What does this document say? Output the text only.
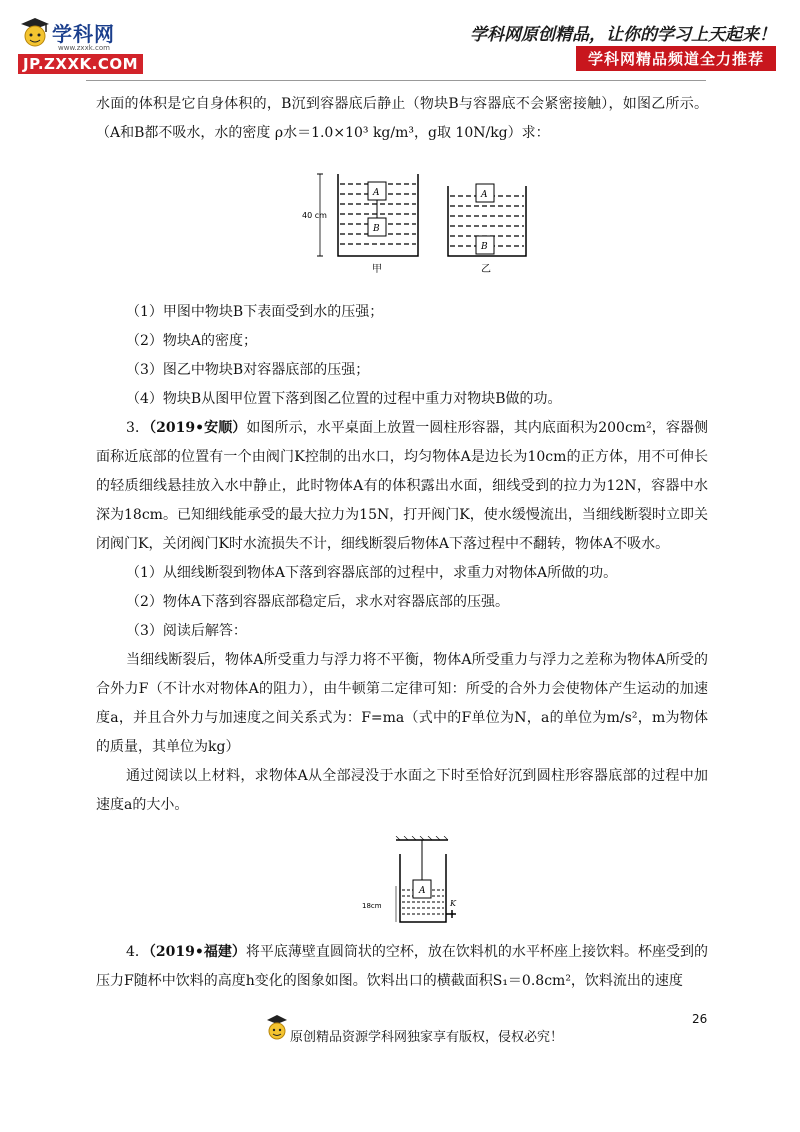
学科网
www.zxxk.com
JP.ZXXK.COM
学科网原创精品，让你的学习上天起来！
学科网精品频道全力推荐

水面的体积是它自身体积的，B沉到容器底后静止（物块B与容器底不会紧密接触），如图乙所示。（A和B都不吸水，水的密度 ρ水＝1.0×10³ kg/m³，g取 10N/kg）求：

（1）甲图中物块B下表面受到水的压强；

（2）物块A的密度；

（3）图乙中物块B对容器底部的压强；

（4）物块B从图甲位置下落到图乙位置的过程中重力对物块B做的功。

3．（2019•安顺）如图所示，水平桌面上放置一圆柱形容器，其内底面积为200cm²，容器侧面称近底部的位置有一个由阀门K控制的出水口，均匀物体A是边长为10cm的正方体，用不可伸长的轻质细线悬挂放入水中静止，此时物体A有的体积露出水面，细线受到的拉力为12N，容器中水深为18cm。已知细线能承受的最大拉力为15N，打开阀门K，使水缓慢流出，当细线断裂时立即关闭阀门K，关闭阀门K时水流损失不计，细线断裂后物体A下落过程中不翻转，物体A不吸水。

（1）从细线断裂到物体A下落到容器底部的过程中，求重力对物体A所做的功。

（2）物体A下落到容器底部稳定后，求水对容器底部的压强。

（3）阅读后解答：

当细线断裂后，物体A所受重力与浮力将不平衡，物体A所受重力与浮力之差称为物体A所受的合外力F（不计水对物体A的阻力），由牛顿第二定律可知：所受的合外力会使物体产生运动的加速度a，并且合外力与加速度之间关系式为：F=ma（式中的F单位为N，a的单位为m/s²，m为物体的质量，其单位为kg）

通过阅读以上材料，求物体A从全部浸没于水面之下时至恰好沉到圆柱形容器底部的过程中加速度a的大小。

4．（2019•福建）将平底薄壁直圆筒状的空杯，放在饮料机的水平杯座上接饮料。杯座受到的压力F随杯中饮料的高度h变化的图象如图。饮料出口的横截面积S₁＝0.8cm²，饮料流出的速度

40 cm
A
B
甲
A
B
乙
18cm
A
K
26
原创精品资源学科网独家享有版权，侵权必究！
